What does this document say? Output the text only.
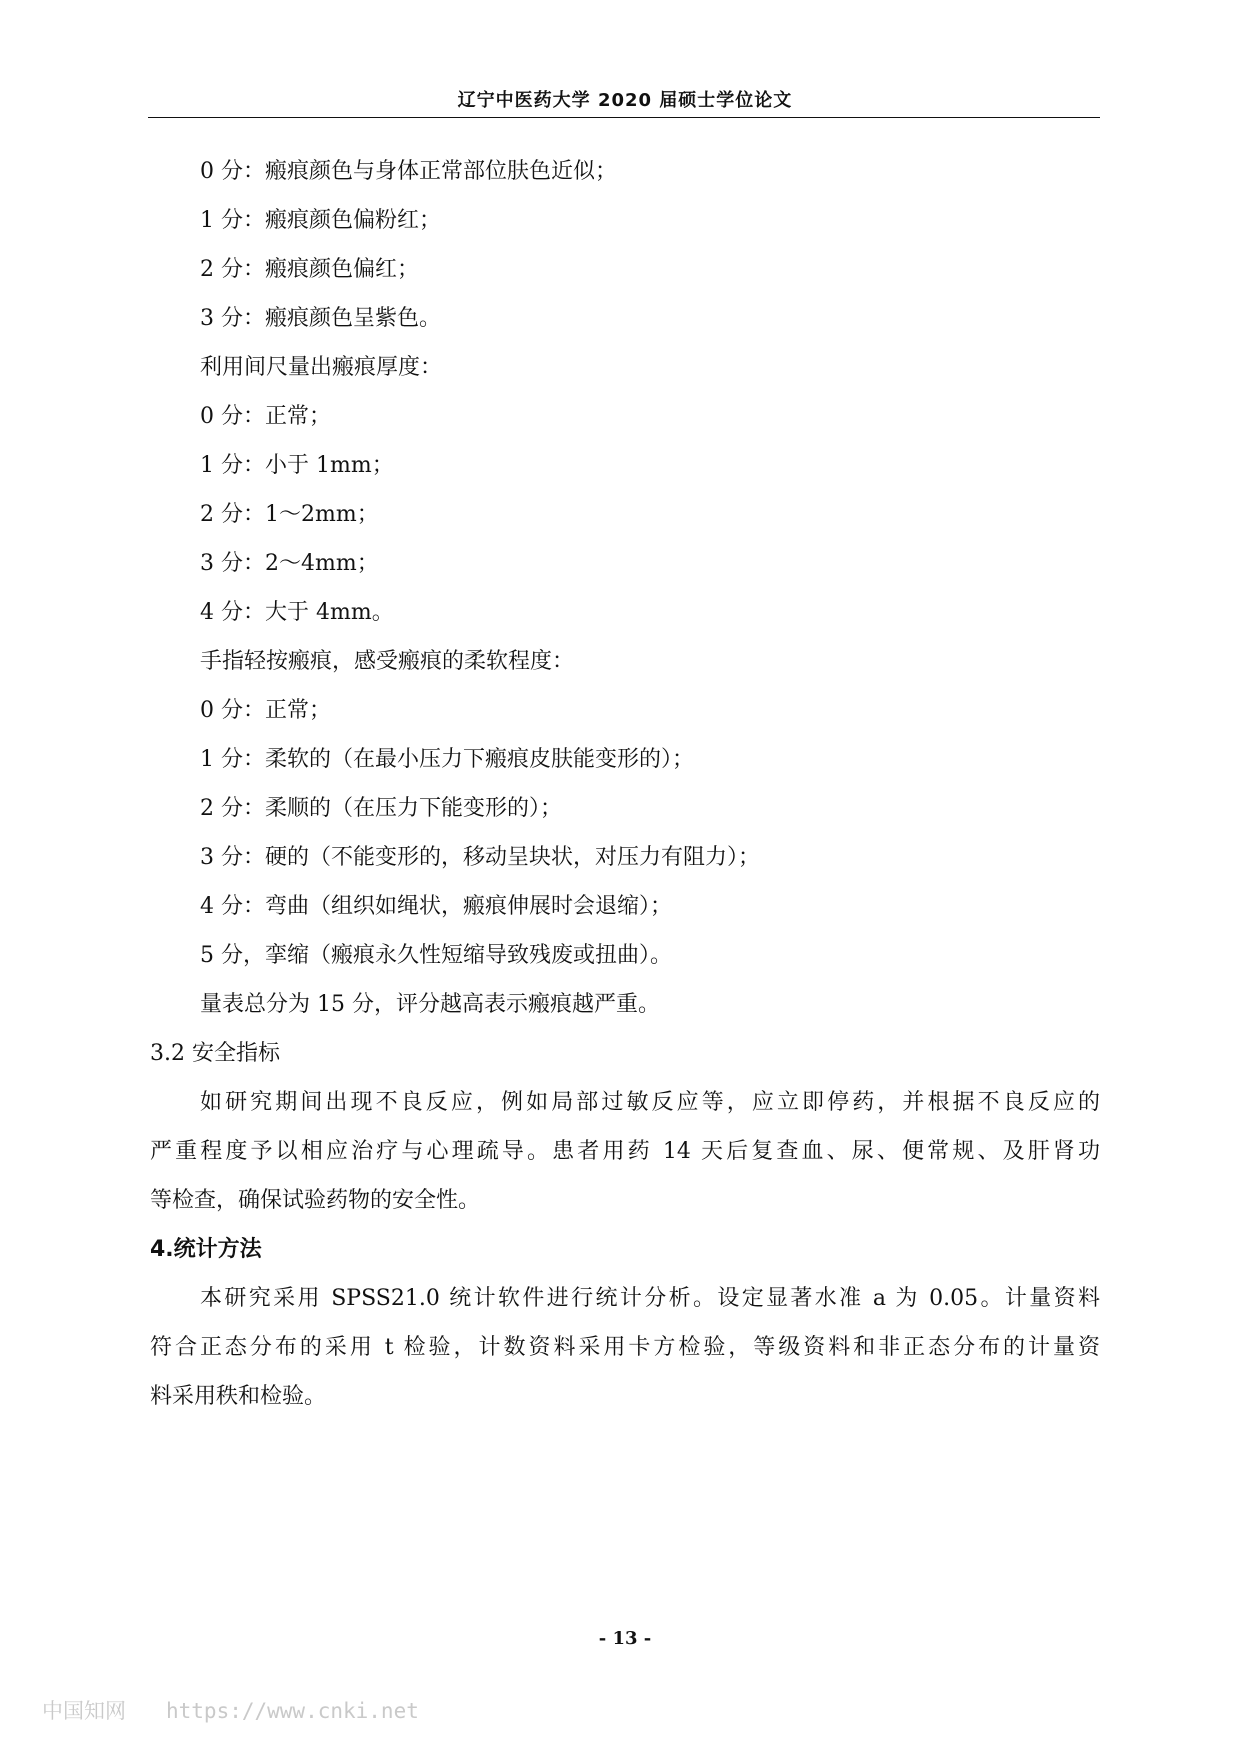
辽宁中医药大学 2020 届硕士学位论文
0 分：瘢痕颜色与身体正常部位肤色近似；
1 分：瘢痕颜色偏粉红；
2 分：瘢痕颜色偏红；
3 分：瘢痕颜色呈紫色。
利用间尺量出瘢痕厚度：
0 分：正常；
1 分：小于 1mm；
2 分：1～2mm；
3 分：2～4mm；
4 分：大于 4mm。
手指轻按瘢痕，感受瘢痕的柔软程度：
0 分：正常；
1 分：柔软的（在最小压力下瘢痕皮肤能变形的）；
2 分：柔顺的（在压力下能变形的）；
3 分：硬的（不能变形的，移动呈块状，对压力有阻力）；
4 分：弯曲（组织如绳状，瘢痕伸展时会退缩）；
5 分，挛缩（瘢痕永久性短缩导致残废或扭曲）。
量表总分为 15 分，评分越高表示瘢痕越严重。
3.2 安全指标
如研究期间出现不良反应，例如局部过敏反应等，应立即停药，并根据不良反应的
严重程度予以相应治疗与心理疏导。患者用药 14 天后复查血、尿、便常规、及肝肾功
等检查，确保试验药物的安全性。
4.统计方法
本研究采用 SPSS21.0 统计软件进行统计分析。设定显著水准 a 为 0.05。计量资料
符合正态分布的采用 t 检验，计数资料采用卡方检验，等级资料和非正态分布的计量资
料采用秩和检验。
- 13 -
中国知网 https://www.cnki.net
